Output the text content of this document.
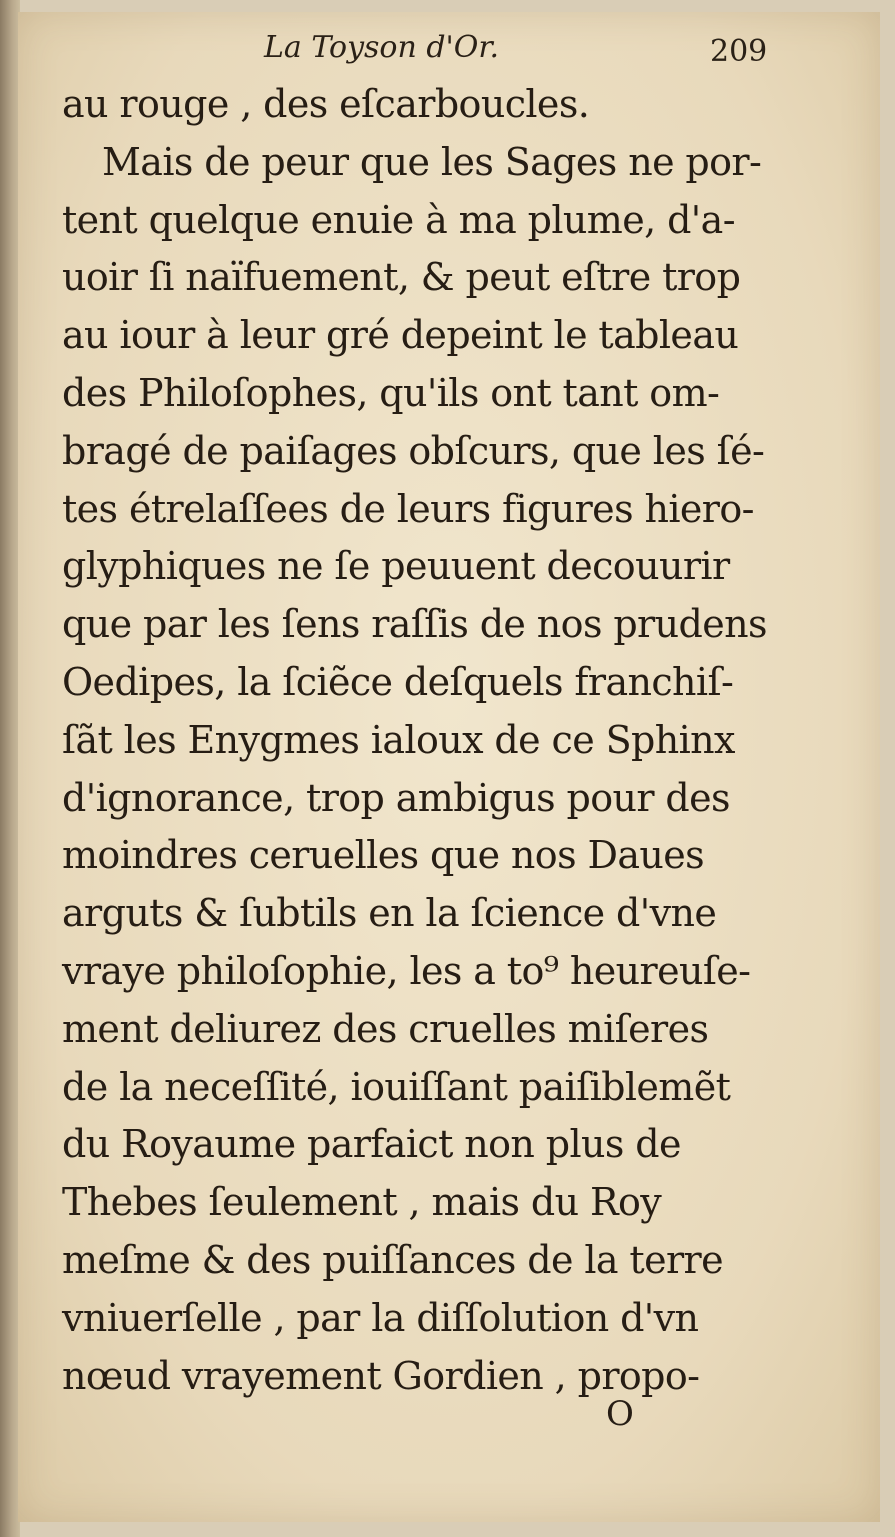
La Toyson d'Or.	209
au rouge , des eſcarboucles.
Mais de peur que les Sages ne por-
tent quelque enuie à ma plume, d'a-
uoir ſi naïfuement, & peut eſtre trop
au iour à leur gré depeint le tableau
des Philoſophes, qu'ils ont tant om-
bragé de paiſages obſcurs, que les ſé-
tes étrelaſſees de leurs figures hiero-
glyphiques ne ſe peuuent decouurir
que par les ſens raſſis de nos prudens
Oedipes, la ſciẽce deſquels franchiſ-
ſãt les Enygmes ialoux de ce Sphinx
d'ignorance, trop ambigus pour des
moindres ceruelles que nos Daues
arguts & ſubtils en la ſcience d'vne
vraye philoſophie, les a to⁹ heureuſe-
ment deliurez des cruelles miſeres
de la neceſſité, iouiſſant paiſiblemẽt
du Royaume parfaict non plus de
Thebes ſeulement , mais du Roy
meſme & des puiſſances de la terre
vniuerſelle , par la diſſolution d'vn
nœud vrayement Gordien , propo-
O
